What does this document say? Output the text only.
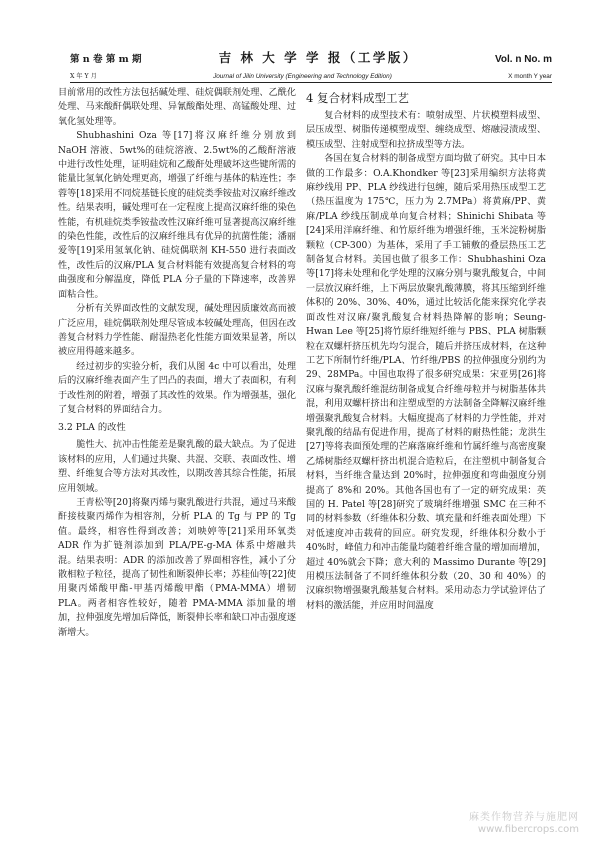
第 n 卷 第 m 期	吉 林 大 学 学 报（工学版）	Vol. n No. m
X 年 Y 月	Journal of Jilin University (Engineering and Technology Edition)	X month Y year

目前常用的改性方法包括碱处理、硅烷偶联剂处理、乙酰化处理、马来酸酐偶联处理、异氰酸酯处理、高锰酸处理、过氧化氢处理等。

Shubhashini Oza 等[17]将汉麻纤维分别放到 NaOH 溶液、5wt%的硅烷溶液、2.5wt%的乙酸酐溶液中进行改性处理，证明硅烷和乙酸酐处理破坏这些键所需的能量比氢氧化钠处理更高，增强了纤维与基体的粘连性；李蓉等[18]采用不同烷基链长度的硅烷类季铵盐对汉麻纤维改性。结果表明，碱处理可在一定程度上提高汉麻纤维的染色性能，有机硅烷类季铵盐改性汉麻纤维可显著提高汉麻纤维的染色性能，改性后的汉麻纤维具有优异的抗菌性能；潘丽爱等[19]采用氢氧化钠、硅烷偶联剂 KH-550 进行表面改性，改性后的汉麻/PLA 复合材料能有效提高复合材料的弯曲强度和分解温度，降低 PLA 分子量的下降速率，改善界面粘合性。

分析有关界面改性的文献发现，碱处理因质廉效高而被广泛应用，硅烷偶联剂处理尽管成本较碱处理高，但因在改善复合材料力学性能、耐湿热老化性能方面效果显著，所以被应用得越来越多。

经过初步的实验分析，我们从图 4c 中可以看出，处理后的汉麻纤维表面产生了凹凸的表面，增大了表面积，有利于改性剂的附着，增强了其改性的效果。作为增强基，强化了复合材料的界面结合力。

3.2 PLA 的改性

脆性大、抗冲击性能差是聚乳酸的最大缺点。为了促进该材料的应用，人们通过共聚、共混、交联、表面改性、增塑、纤维复合等方法对其改性，以期改善其综合性能，拓展应用领域。

王青松等[20]将聚丙烯与聚乳酸进行共混，通过马来酸酐接枝聚丙烯作为相容剂，分析 PLA 的 Tg 与 PP 的 Tg 值。最终，相容性得到改善；刘映婷等[21]采用环氧类 ADR 作为扩链剂添加到 PLA/PE-g-MA 体系中熔融共混。结果表明：ADR 的添加改善了界面相容性，减小了分散相粒子粒径，提高了韧性和断裂伸长率；苏桂仙等[22]使用聚丙烯酸甲酯-甲基丙烯酸甲酯（PMA-MMA）增韧 PLA。两者相容性较好，随着 PMA-MMA 添加量的增加，拉伸强度先增加后降低，断裂伸长率和缺口冲击强度逐渐增大。

4 复合材料成型工艺

复合材料的成型技术有：喷射成型、片状模塑料成型、层压成型、树脂传递模塑成型、缠绕成型、熔融浸渍成型、模压成型、注射成型和拉挤成型等方法。

各国在复合材料的制备成型方面均做了研究。其中日本做的工作最多：O.A.Khondker 等[23]采用编织方法将黄麻纱线用 PP、PLA 纱线进行包缠，随后采用热压成型工艺（热压温度为 175℃，压力为 2.7MPa）将黄麻/PP、黄麻/PLA 纱线压制成单向复合材料；Shinichi Shibata 等[24]采用洋麻纤维、和竹原纤维为增强纤维，玉米淀粉树脂颗粒（CP-300）为基体，采用了手工铺敷的叠层热压工艺制备复合材料。美国也做了很多工作：Shubhashini Oza 等[17]将未处理和化学处理的汉麻分别与聚乳酸复合，中间一层放汉麻纤维，上下两层放聚乳酸薄膜，将其压缩到纤维体积的 20%、30%、40%，通过比较活化能来探究化学表面改性对汉麻/聚乳酸复合材料热降解的影响；Seung-Hwan Lee 等[25]将竹原纤维短纤维与 PBS、PLA 树脂颗粒在双螺杆挤压机先均匀混合，随后并挤压成材料，在这种工艺下所制竹纤维/PLA、竹纤维/PBS 的拉伸强度分别约为 29、28MPa。中国也取得了很多研究成果：宋亚男[26]将汉麻与聚乳酸纤维混纺制备成复合纤维母粒并与树脂基体共混，利用双螺杆挤出和注塑成型的方法制备全降解汉麻纤维增强聚乳酸复合材料。大幅度提高了材料的力学性能，并对聚乳酸的结晶有促进作用，提高了材料的耐热性能；龙洪生[27]等将表面预处理的芒麻落麻纤维和竹属纤维与高密度聚乙烯树脂经双螺杆挤出机混合造粒后，在注塑机中制备复合材料，当纤维含量达到 20%时，拉伸强度和弯曲强度分别提高了 8%和 20%。其他各国也有了一定的研究成果：英国的 H. Patel 等[28]研究了玻璃纤维增强 SMC 在三种不同的材料参数（纤维体积分数、填充量和纤维表面处理）下对低速度冲击载荷的回应。研究发现，纤维体积分数小于 40%时，峰值力和冲击能量均随着纤维含量的增加而增加，超过 40%就会下降；意大利的 Massimo Durante 等[29]用模压法制备了不同纤维体积分数（20、30 和 40%）的汉麻织物增强聚乳酸基复合材料。采用动态力学试验评估了材料的激活能，并应用时间温度

麻类作物营养与施肥网
www.fibercrops.com
